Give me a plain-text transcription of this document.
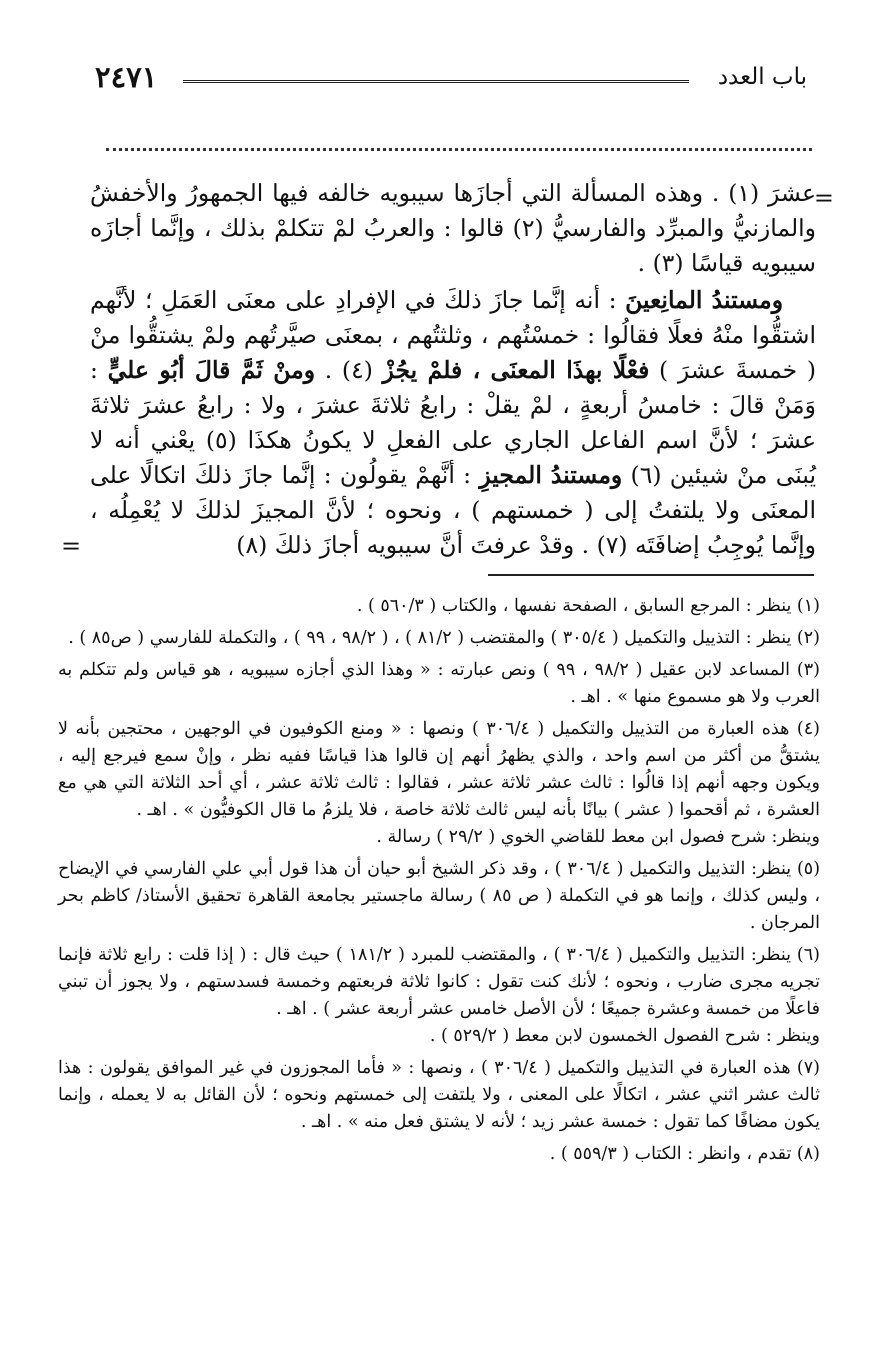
باب العدد
٢٤٧١
=
=

عشرَ (١) . وهذه المسألة التي أجازَها سيبويه خالفه فيها الجمهورُ والأخفشُ والمازنيُّ والمبرِّد والفارسيُّ (٢) قالوا : والعربُ لمْ تتكلمْ بذلك ، وإنَّما أجازَه سيبويه قياسًا (٣) .

ومستندُ المانِعينَ : أنه إنَّما جازَ ذلكَ في الإفرادِ على معنَى العَمَلِ ؛ لأنَّهم اشتقُّوا منْهُ فعلًا فقالُوا : خمسْتُهم ، وثلثتُهم ، بمعنَى صيَّرتُهم ولمْ يشتقُّوا منْ ( خمسةَ عشرَ ) فعْلًا بهذَا المعنَى ، فلمْ يجُزْ (٤) . ومنْ ثَمَّ قالَ أبُو عليٍّ : وَمَنْ قالَ : خامسُ أربعةٍ ، لمْ يقلْ : رابعُ ثلاثةَ عشرَ ، ولا : رابعُ عشرَ ثلاثةَ عشرَ ؛ لأنَّ اسم الفاعل الجاري على الفعلِ لا يكونُ هكذَا (٥) يعْني أنه لا يُبنَى منْ شيئين (٦) ومستندُ المجيزِ : أنَّهمْ يقولُون : إنَّما جازَ ذلكَ اتكالًا على المعنَى ولا يلتفتُ إلى ( خمستهم ) ، ونحوه ؛ لأنَّ المجيزَ لذلكَ لا يُعْمِلُه ، وإنَّما يُوجِبُ إضافَتَه (٧) . وقدْ عرفتَ أنَّ سيبويه أجازَ ذلكَ (٨)

(١) ينظر : المرجع السابق ، الصفحة نفسها ، والكتاب ( ٥٦٠/٣ ) .

(٢) ينظر : التذييل والتكميل ( ٣٠٥/٤ ) والمقتضب ( ٨١/٢ ) ، ( ٩٨/٢ ، ٩٩ ) ، والتكملة للفارسي ( ص٨٥ ) .

(٣) المساعد لابن عقيل ( ٩٨/٢ ، ٩٩ ) ونص عبارته : « وهذا الذي أجازه سيبويه ، هو قياس ولم تتكلم به العرب ولا هو مسموع منها » . اهـ .

(٤) هذه العبارة من التذييل والتكميل ( ٣٠٦/٤ ) ونصها : « ومنع الكوفيون في الوجهين ، محتجين بأنه لا يشتقُّ من أكثر من اسم واحد ، والذي يظهرُ أنهم إن قالوا هذا قياسًا ففيه نظر ، وإنْ سمع فيرجع إليه ، ويكون وجهه أنهم إذا قالُوا : ثالث عشر ثلاثة عشر ، فقالوا : ثالث ثلاثة عشر ، أي أحد الثلاثة التي هي مع العشرة ، ثم أقحموا ( عشر ) بيانًا بأنه ليس ثالث ثلاثة خاصة ، فلا يلزمُ ما قال الكوفيُّون » . اهـ .

وينظر: شرح فصول ابن معط للقاضي الخوي ( ٢٩/٢ ) رسالة .

(٥) ينظر: التذييل والتكميل ( ٣٠٦/٤ ) ، وقد ذكر الشيخ أبو حيان أن هذا قول أبي علي الفارسي في الإيضاح ، وليس كذلك ، وإنما هو في التكملة ( ص ٨٥ ) رسالة ماجستير بجامعة القاهرة تحقيق الأستاذ/ كاظم بحر المرجان .

(٦) ينظر: التذييل والتكميل ( ٣٠٦/٤ ) ، والمقتضب للمبرد ( ١٨١/٢ ) حيث قال : ( إذا قلت : رابع ثلاثة فإنما تجريه مجرى ضارب ، ونحوه ؛ لأنك كنت تقول : كانوا ثلاثة فربعتهم وخمسة فسدستهم ، ولا يجوز أن تبني فاعلًا من خمسة وعشرة جميعًا ؛ لأن الأصل خامس عشر أربعة عشر ) . اهـ .

وينظر : شرح الفصول الخمسون لابن معط ( ٥٢٩/٢ ) .

(٧) هذه العبارة في التذييل والتكميل ( ٣٠٦/٤ ) ، ونصها : « فأما المجوزون في غير الموافق يقولون : هذا ثالث عشر اثني عشر ، اتكالًا على المعنى ، ولا يلتفت إلى خمستهم ونحوه ؛ لأن القائل به لا يعمله ، وإنما يكون مضافًا كما تقول : خمسة عشر زيد ؛ لأنه لا يشتق فعل منه » . اهـ .

(٨) تقدم ، وانظر : الكتاب ( ٥٥٩/٣ ) .
